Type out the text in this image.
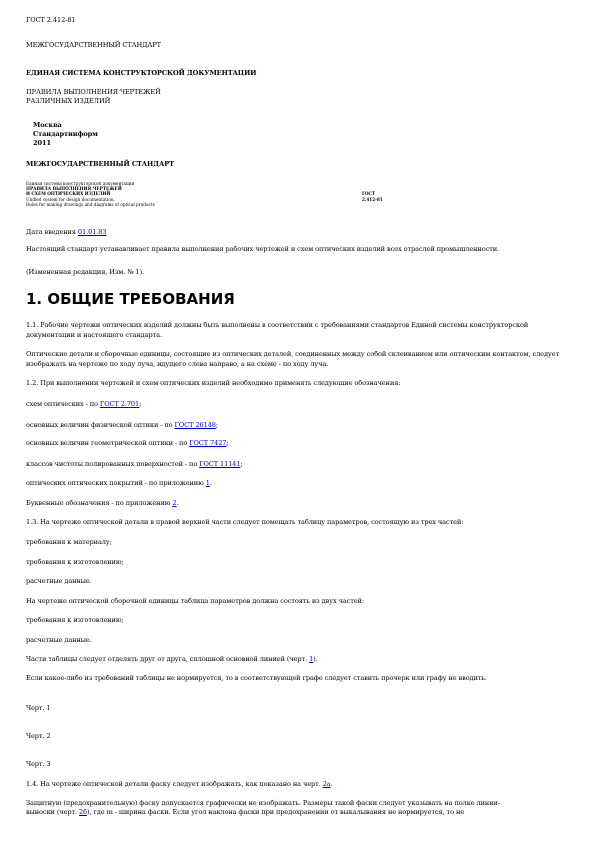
ГОСТ 2.412-81
МЕЖГОСУДАРСТВЕННЫЙ СТАНДАРТ
ЕДИНАЯ СИСТЕМА КОНСТРУКТОРСКОЙ ДОКУМЕНТАЦИИ
ПРАВИЛА ВЫПОЛНЕНИЯ ЧЕРТЕЖЕЙ
РАЗЛИЧНЫХ ИЗДЕЛИЙ
Москва
Стандартинформ
2011
МЕЖГОСУДАРСТВЕННЫЙ СТАНДАРТ
Единая система конструкторской документации
ПРАВИЛА ВЫПОЛНЕНИЯ ЧЕРТЕЖЕЙ
И СХЕМ ОПТИЧЕСКИХ ИЗДЕЛИЙ
Unified system for design documentation.
Rules for making drawings and diagrams of optical products
ГОСТ
2.412-81
Дата введения 01.01.83
Настоящий стандарт устанавливает правила выполнения рабочих чертежей и схем оптических изделий всех отраслей промышленности.
(Измененная редакция, Изм. № 1).
1. ОБЩИЕ ТРЕБОВАНИЯ
1.1. Рабочие чертежи оптических изделий должны быть выполнены в соответствии с требованиями стандартов Единой системы конструкторской документации и настоящего стандарта.
Оптические детали и сборочные единицы, состоящие из оптических деталей, соединенных между собой склеиванием или оптическим контактом, следует изображать на чертеже по ходу луча, идущего слева направо, а на схеме - по ходу луча.
1.2. При выполнении чертежей и схем оптических изделий необходимо применять следующие обозначения:
схем оптических - по ГОСТ 2.701;
основных величин физической оптики - по ГОСТ 26148;
основных величин геометрической оптики - по ГОСТ 7427;
классов чистоты полированных поверхностей - по ГОСТ 11141;
оптических оптических покрытий - по приложению 1.
Буквенные обозначения - по приложению 2.
1.3. На чертеже оптической детали в правой верхней части следует помещать таблицу параметров, состоящую из трех частей:
требования к материалу;
требования к изготовлению;
расчетные данные.
На чертеже оптической сборочной единицы таблица параметров должна состоять из двух частей:
требования к изготовлению;
расчетные данные.
Части таблицы следует отделять друг от друга, сплошной основной линией (черт. 1).
Если какое-либо из требований таблицы не нормируется, то в соответствующей графе следует ставить прочерк или графу не вводить.
Черт. 1
Черт. 2
Черт. 3
1.4. На чертеже оптической детали фаску следует изображать, как показано на черт. 2а.
Защитную (предохранительную) фаску допускается графически не изображать. Размеры такой фаски следует указывать на полке линии-
выноски (черт. 2б), где m - ширина фаски. Если угол наклона фаски при предохранении от выкалывания не нормируется, то не
